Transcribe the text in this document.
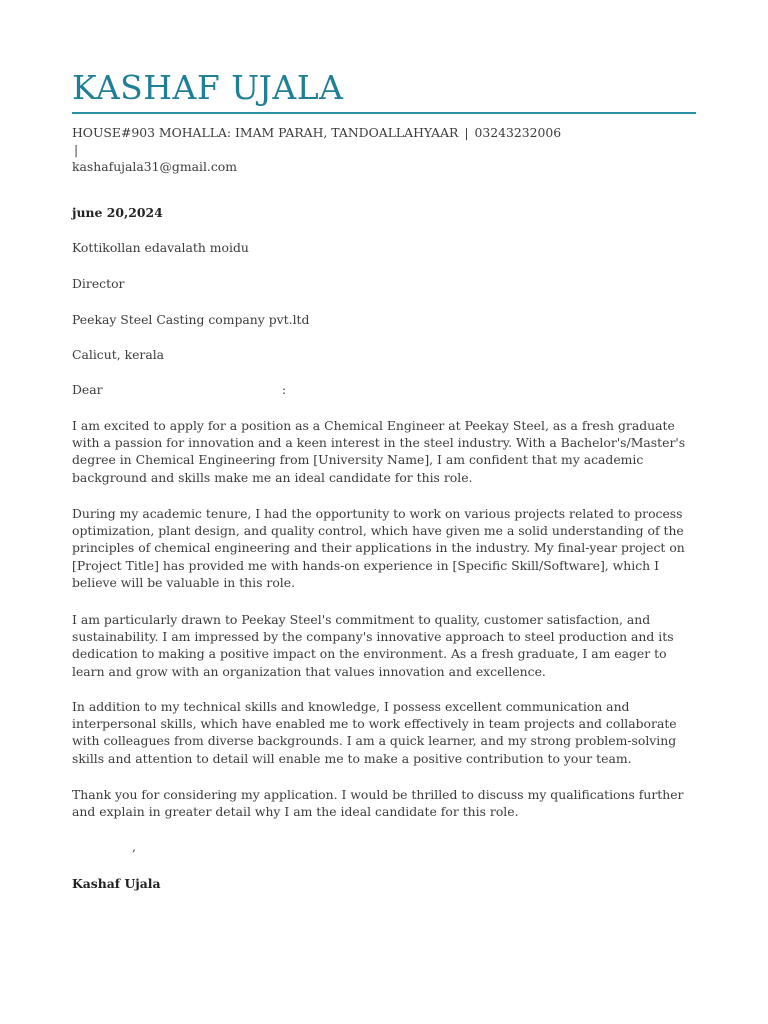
KASHAF UJALA
HOUSE#903 MOHALLA: IMAM PARAH, TANDOALLAHYAAR | 03243232006 |
kashafujala31@gmail.com
june 20,2024
Kottikollan edavalath moidu
Director
Peekay Steel Casting company pvt.ltd
Calicut, kerala
Dear	:
I am excited to apply for a position as a Chemical Engineer at Peekay Steel, as a fresh graduate with a passion for innovation and a keen interest in the steel industry. With a Bachelor's/Master's degree in Chemical Engineering from [University Name], I am confident that my academic background and skills make me an ideal candidate for this role.
During my academic tenure, I had the opportunity to work on various projects related to process optimization, plant design, and quality control, which have given me a solid understanding of the principles of chemical engineering and their applications in the industry. My final-year project on [Project Title] has provided me with hands-on experience in [Specific Skill/Software], which I believe will be valuable in this role.
I am particularly drawn to Peekay Steel's commitment to quality, customer satisfaction, and sustainability. I am impressed by the company's innovative approach to steel production and its dedication to making a positive impact on the environment. As a fresh graduate, I am eager to learn and grow with an organization that values innovation and excellence.
In addition to my technical skills and knowledge, I possess excellent communication and interpersonal skills, which have enabled me to work effectively in team projects and collaborate with colleagues from diverse backgrounds. I am a quick learner, and my strong problem-solving skills and attention to detail will enable me to make a positive contribution to your team.
Thank you for considering my application. I would be thrilled to discuss my qualifications further and explain in greater detail why I am the ideal candidate for this role.
,
Kashaf Ujala
